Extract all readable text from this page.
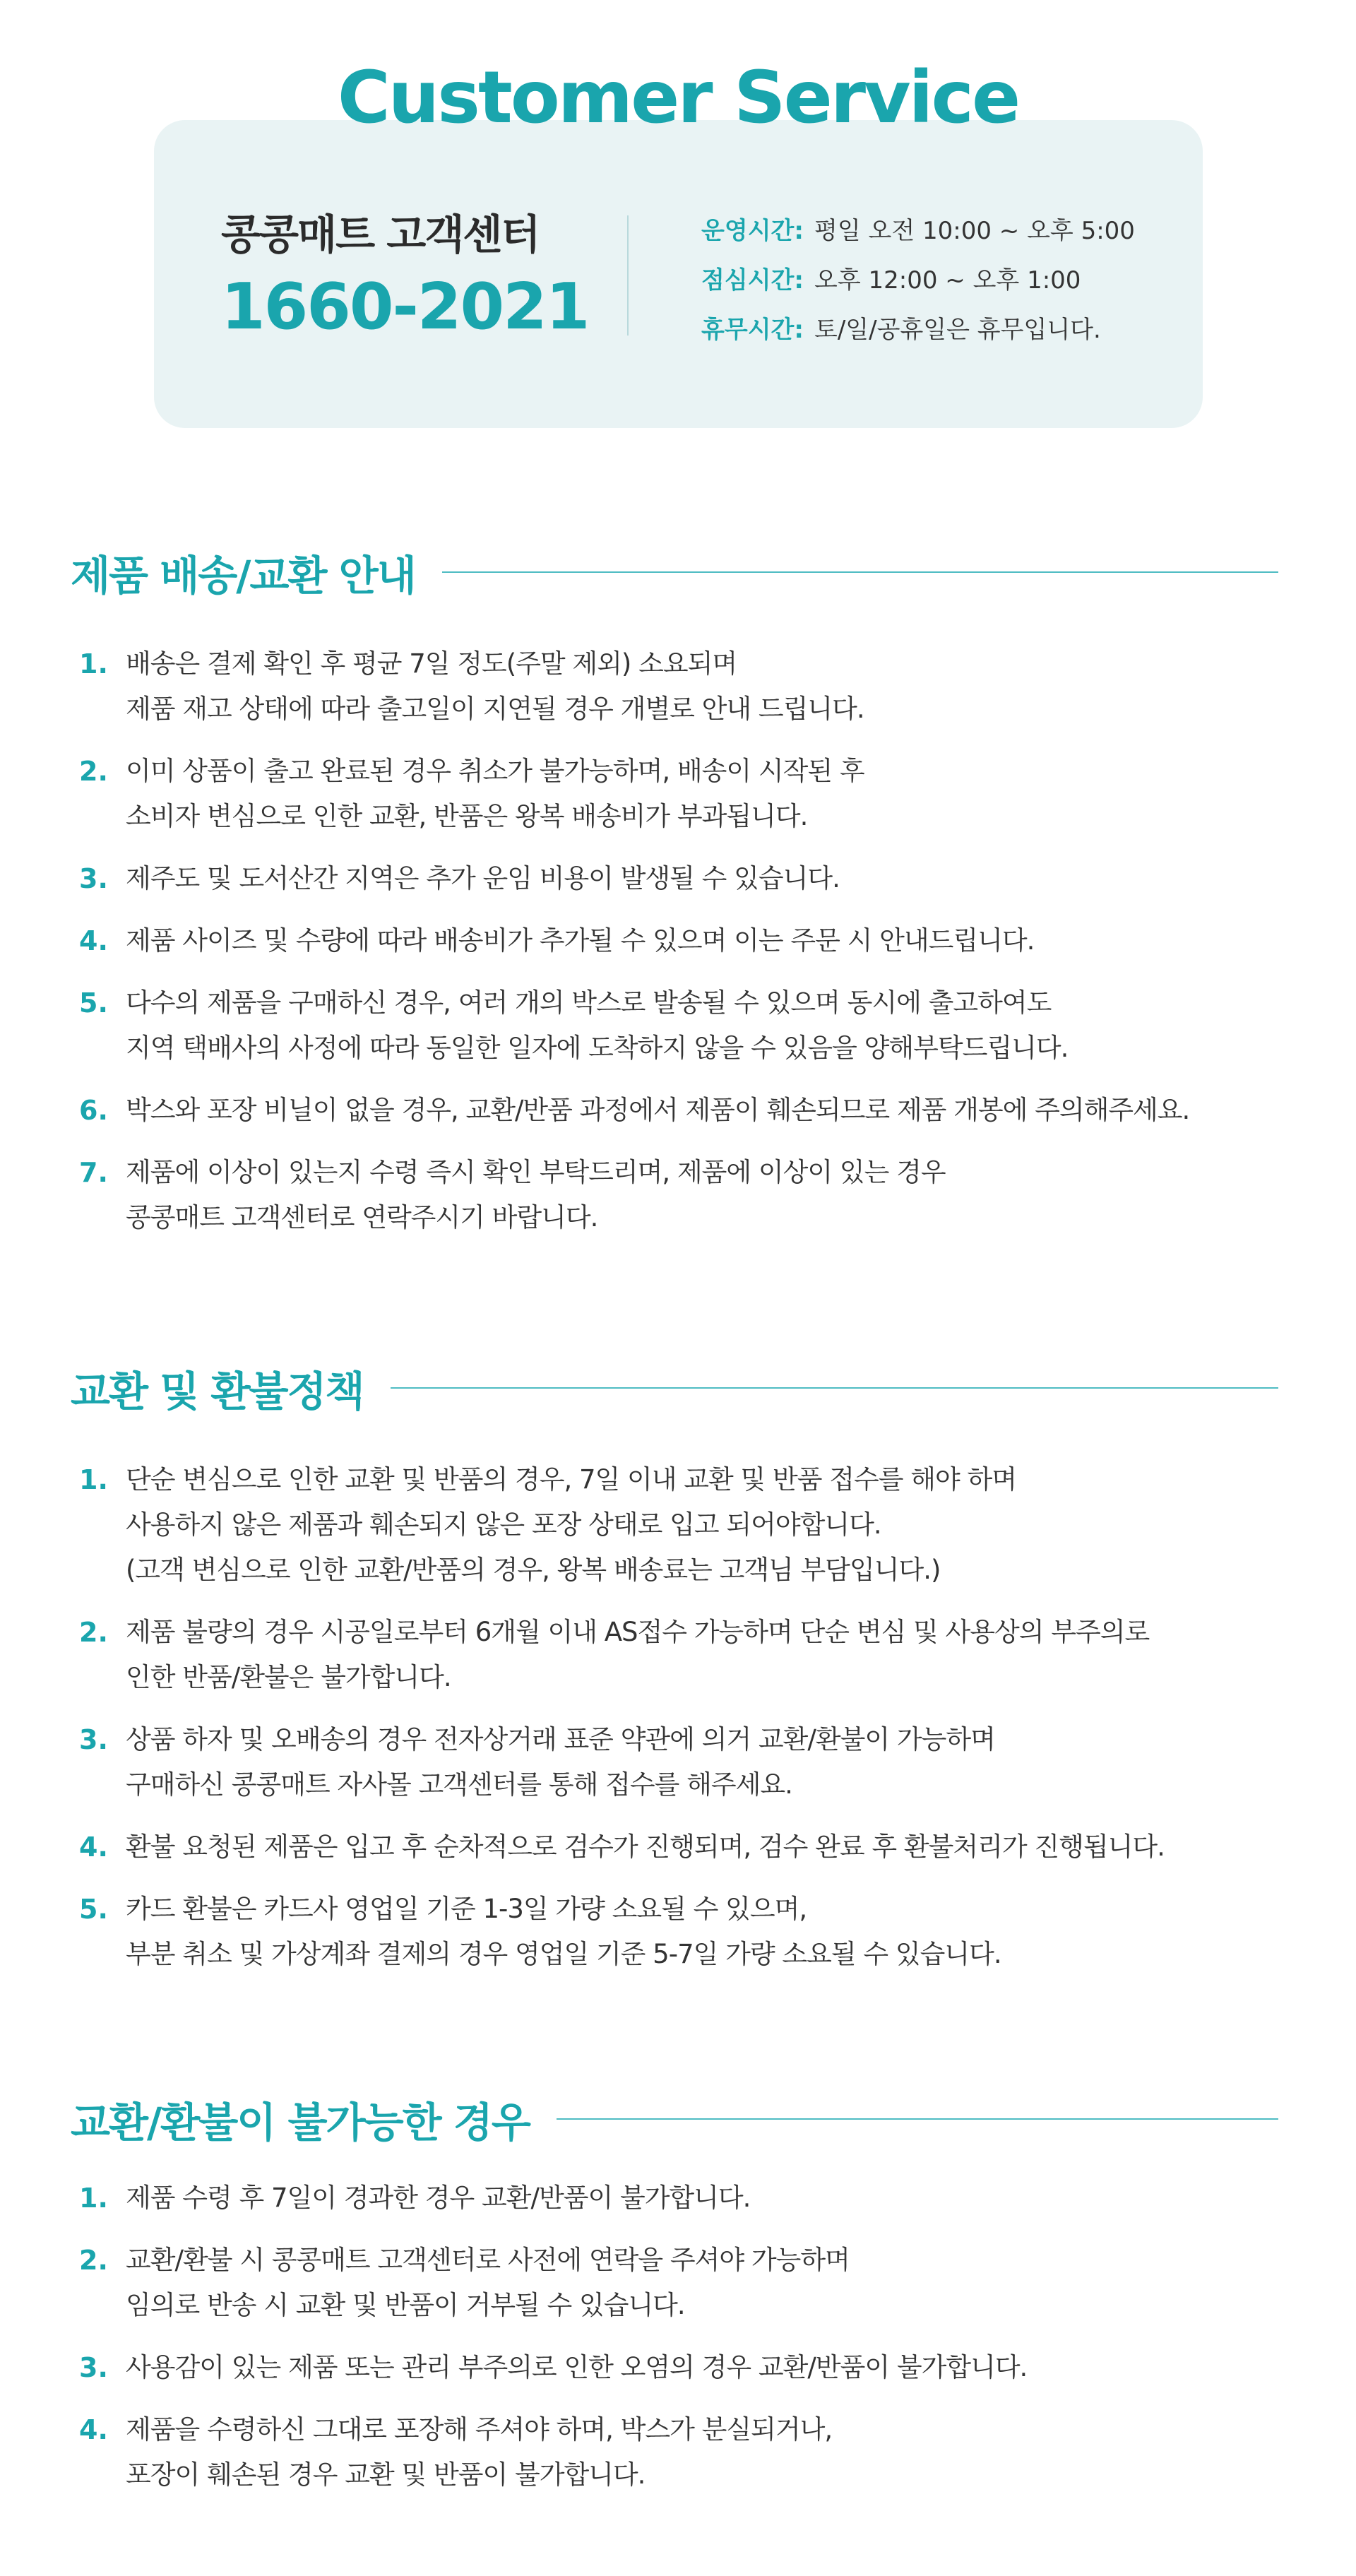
콩콩매트 고객센터
1660-2021
운영시간: 평일 오전 10:00 ~ 오후 5:00
점심시간: 오후 12:00 ~ 오후 1:00
휴무시간: 토/일/공휴일은 휴무입니다.
Customer Service
제품 배송/교환 안내
1. 배송은 결제 확인 후 평균 7일 정도(주말 제외) 소요되며
제품 재고 상태에 따라 출고일이 지연될 경우 개별로 안내 드립니다.
2. 이미 상품이 출고 완료된 경우 취소가 불가능하며, 배송이 시작된 후
소비자 변심으로 인한 교환, 반품은 왕복 배송비가 부과됩니다.
3. 제주도 및 도서산간 지역은 추가 운임 비용이 발생될 수 있습니다.
4. 제품 사이즈 및 수량에 따라 배송비가 추가될 수 있으며 이는 주문 시 안내드립니다.
5. 다수의 제품을 구매하신 경우, 여러 개의 박스로 발송될 수 있으며 동시에 출고하여도
지역 택배사의 사정에 따라 동일한 일자에 도착하지 않을 수 있음을 양해부탁드립니다.
6. 박스와 포장 비닐이 없을 경우, 교환/반품 과정에서 제품이 훼손되므로 제품 개봉에 주의해주세요.
7. 제품에 이상이 있는지 수령 즉시 확인 부탁드리며, 제품에 이상이 있는 경우
콩콩매트 고객센터로 연락주시기 바랍니다.
교환 및 환불정책
1. 단순 변심으로 인한 교환 및 반품의 경우, 7일 이내 교환 및 반품 접수를 해야 하며
사용하지 않은 제품과 훼손되지 않은 포장 상태로 입고 되어야합니다.
(고객 변심으로 인한 교환/반품의 경우, 왕복 배송료는 고객님 부담입니다.)
2. 제품 불량의 경우 시공일로부터 6개월 이내 AS접수 가능하며 단순 변심 및 사용상의 부주의로
인한 반품/환불은 불가합니다.
3. 상품 하자 및 오배송의 경우 전자상거래 표준 약관에 의거 교환/환불이 가능하며
구매하신 콩콩매트 자사몰 고객센터를 통해 접수를 해주세요.
4. 환불 요청된 제품은 입고 후 순차적으로 검수가 진행되며, 검수 완료 후 환불처리가 진행됩니다.
5. 카드 환불은 카드사 영업일 기준 1-3일 가량 소요될 수 있으며,
부분 취소 및 가상계좌 결제의 경우 영업일 기준 5-7일 가량 소요될 수 있습니다.
교환/환불이 불가능한 경우
1. 제품 수령 후 7일이 경과한 경우 교환/반품이 불가합니다.
2. 교환/환불 시 콩콩매트 고객센터로 사전에 연락을 주셔야 가능하며
임의로 반송 시 교환 및 반품이 거부될 수 있습니다.
3. 사용감이 있는 제품 또는 관리 부주의로 인한 오염의 경우 교환/반품이 불가합니다.
4. 제품을 수령하신 그대로 포장해 주셔야 하며, 박스가 분실되거나,
포장이 훼손된 경우 교환 및 반품이 불가합니다.
